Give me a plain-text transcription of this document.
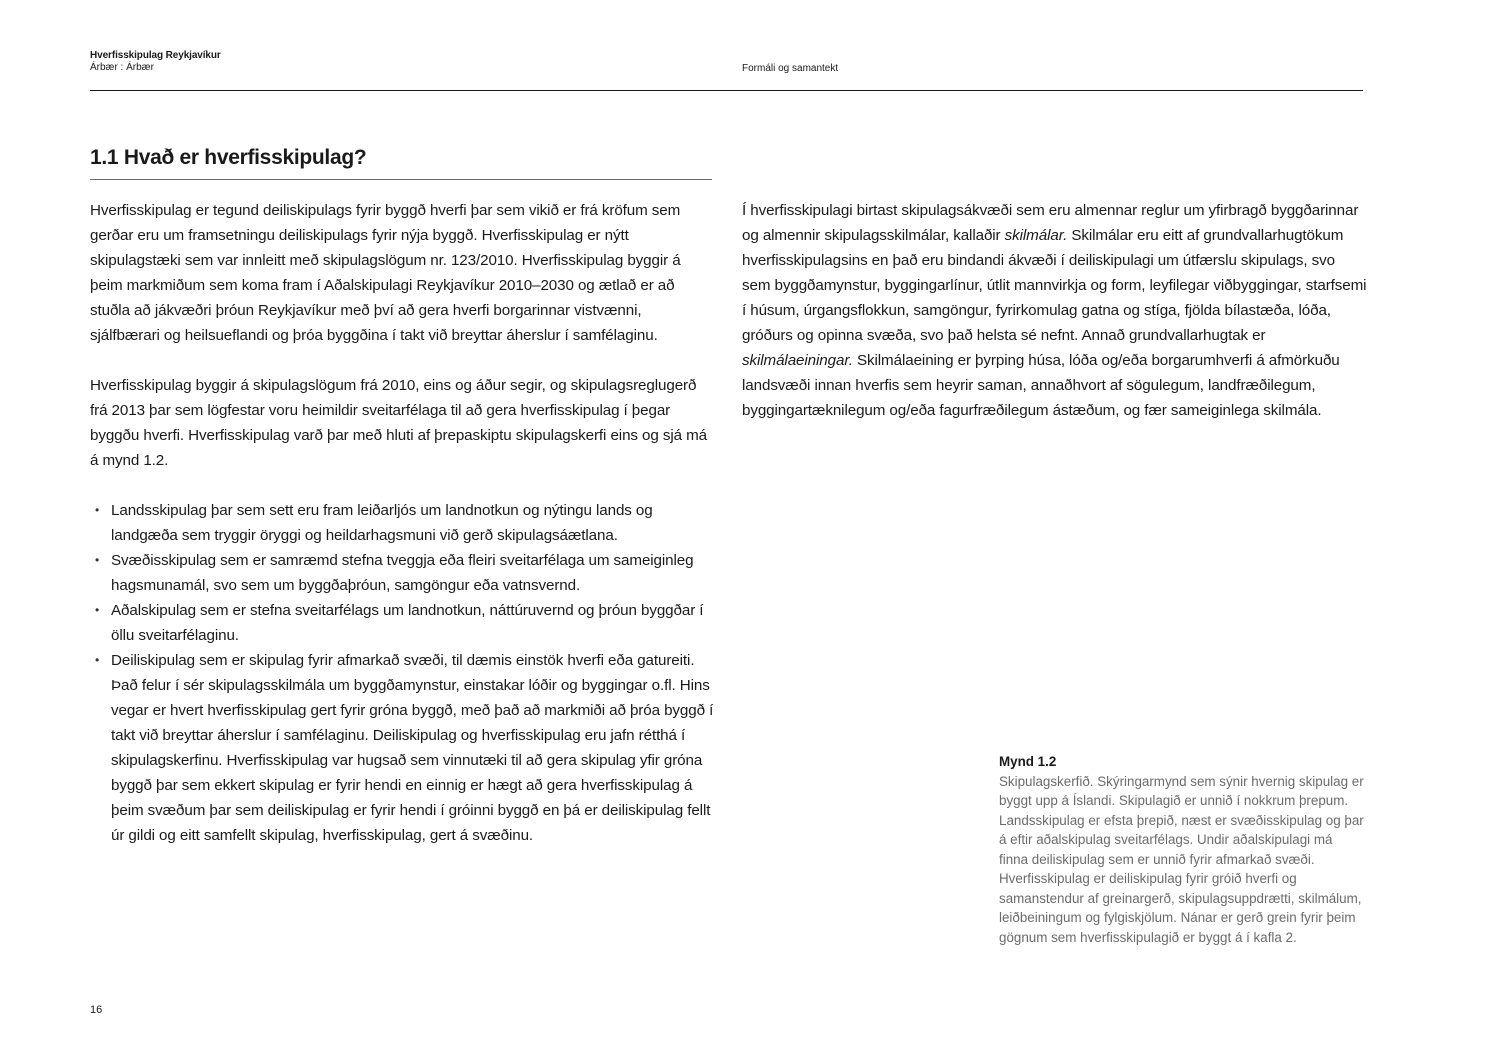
Hverfisskipulag Reykjavíkur
Árbær : Árbær	Formáli og samantekt
1.1 Hvað er hverfisskipulag?

Hverfisskipulag er tegund deiliskipulags fyrir byggð hverfi þar sem vikið er frá kröfum sem gerðar eru um framsetningu deiliskipulags fyrir nýja byggð. Hverfisskipulag er nýtt skipulagstæki sem var innleitt með skipulagslögum nr. 123/2010. Hverfisskipulag byggir á þeim markmiðum sem koma fram í Aðalskipulagi Reykjavíkur 2010–2030 og ætlað er að stuðla að jákvæðri þróun Reykjavíkur með því að gera hverfi borgarinnar vistvænni, sjálfbærari og heilsueflandi og þróa byggðina í takt við breyttar áherslur í samfélaginu.

Hverfisskipulag byggir á skipulagslögum frá 2010, eins og áður segir, og skipulagsreglugerð frá 2013 þar sem lögfestar voru heimildir sveitarfélaga til að gera hverfisskipulag í þegar byggðu hverfi. Hverfisskipulag varð þar með hluti af þrepaskiptu skipulagskerfi eins og sjá má á mynd 1.2.

• Landsskipulag þar sem sett eru fram leiðarljós um landnotkun og nýtingu lands og landgæða sem tryggir öryggi og heildarhagsmuni við gerð skipulagsáætlana.
• Svæðisskipulag sem er samræmd stefna tveggja eða fleiri sveitarfélaga um sameiginleg hagsmunamál, svo sem um byggðaþróun, samgöngur eða vatnsvernd.
• Aðalskipulag sem er stefna sveitarfélags um landnotkun, náttúruvernd og þróun byggðar í öllu sveitarfélaginu.
• Deiliskipulag sem er skipulag fyrir afmarkað svæði, til dæmis einstök hverfi eða gatureiti. Það felur í sér skipulagsskilmála um byggðamynstur, einstakar lóðir og byggingar o.fl. Hins vegar er hvert hverfisskipulag gert fyrir gróna byggð, með það að markmiði að þróa byggð í takt við breyttar áherslur í samfélaginu. Deiliskipulag og hverfisskipulag eru jafn rétthá í skipulagskerfinu. Hverfisskipulag var hugsað sem vinnutæki til að gera skipulag yfir gróna byggð þar sem ekkert skipulag er fyrir hendi en einnig er hægt að gera hverfisskipulag á þeim svæðum þar sem deiliskipulag er fyrir hendi í gróinni byggð en þá er deiliskipulag fellt úr gildi og eitt samfellt skipulag, hverfisskipulag, gert á svæðinu.

Í hverfisskipulagi birtast skipulagsákvæði sem eru almennar reglur um yfirbragð byggðarinnar og almennir skipulagsskilmálar, kallaðir skilmálar. Skilmálar eru eitt af grundvallarhugtökum hverfisskipulagsins en það eru bindandi ákvæði í deiliskipulagi um útfærslu skipulags, svo sem byggðamynstur, byggingarlínur, útlit mannvirkja og form, leyfilegar viðbyggingar, starfsemi í húsum, úrgangsflokkun, samgöngur, fyrirkomulag gatna og stíga, fjölda bílastæða, lóða, gróðurs og opinna svæða, svo það helsta sé nefnt. Annað grundvallarhugtak er skilmálaeiningar. Skilmálaeining er þyrping húsa, lóða og/eða borgarumhverfi á afmörkuðu landsvæði innan hverfis sem heyrir saman, annaðhvort af sögulegum, landfræðilegum, byggingartæknilegum og/eða fagurfræðilegum ástæðum, og fær sameiginlega skilmála.

Mynd 1.2
Skipulagskerfið. Skýringarmynd sem sýnir hvernig skipulag er byggt upp á Íslandi. Skipulagið er unnið í nokkrum þrepum. Landsskipulag er efsta þrepið, næst er svæðisskipulag og þar á eftir aðalskipulag sveitarfélags. Undir aðalskipulagi má finna deiliskipulag sem er unnið fyrir afmarkað svæði. Hverfisskipulag er deiliskipulag fyrir gróið hverfi og samanstendur af greinargerð, skipulagsuppdrætti, skilmálum, leiðbeiningum og fylgiskjölum. Nánar er gerð grein fyrir þeim gögnum sem hverfisskipulagið er byggt á í kafla 2.
16
